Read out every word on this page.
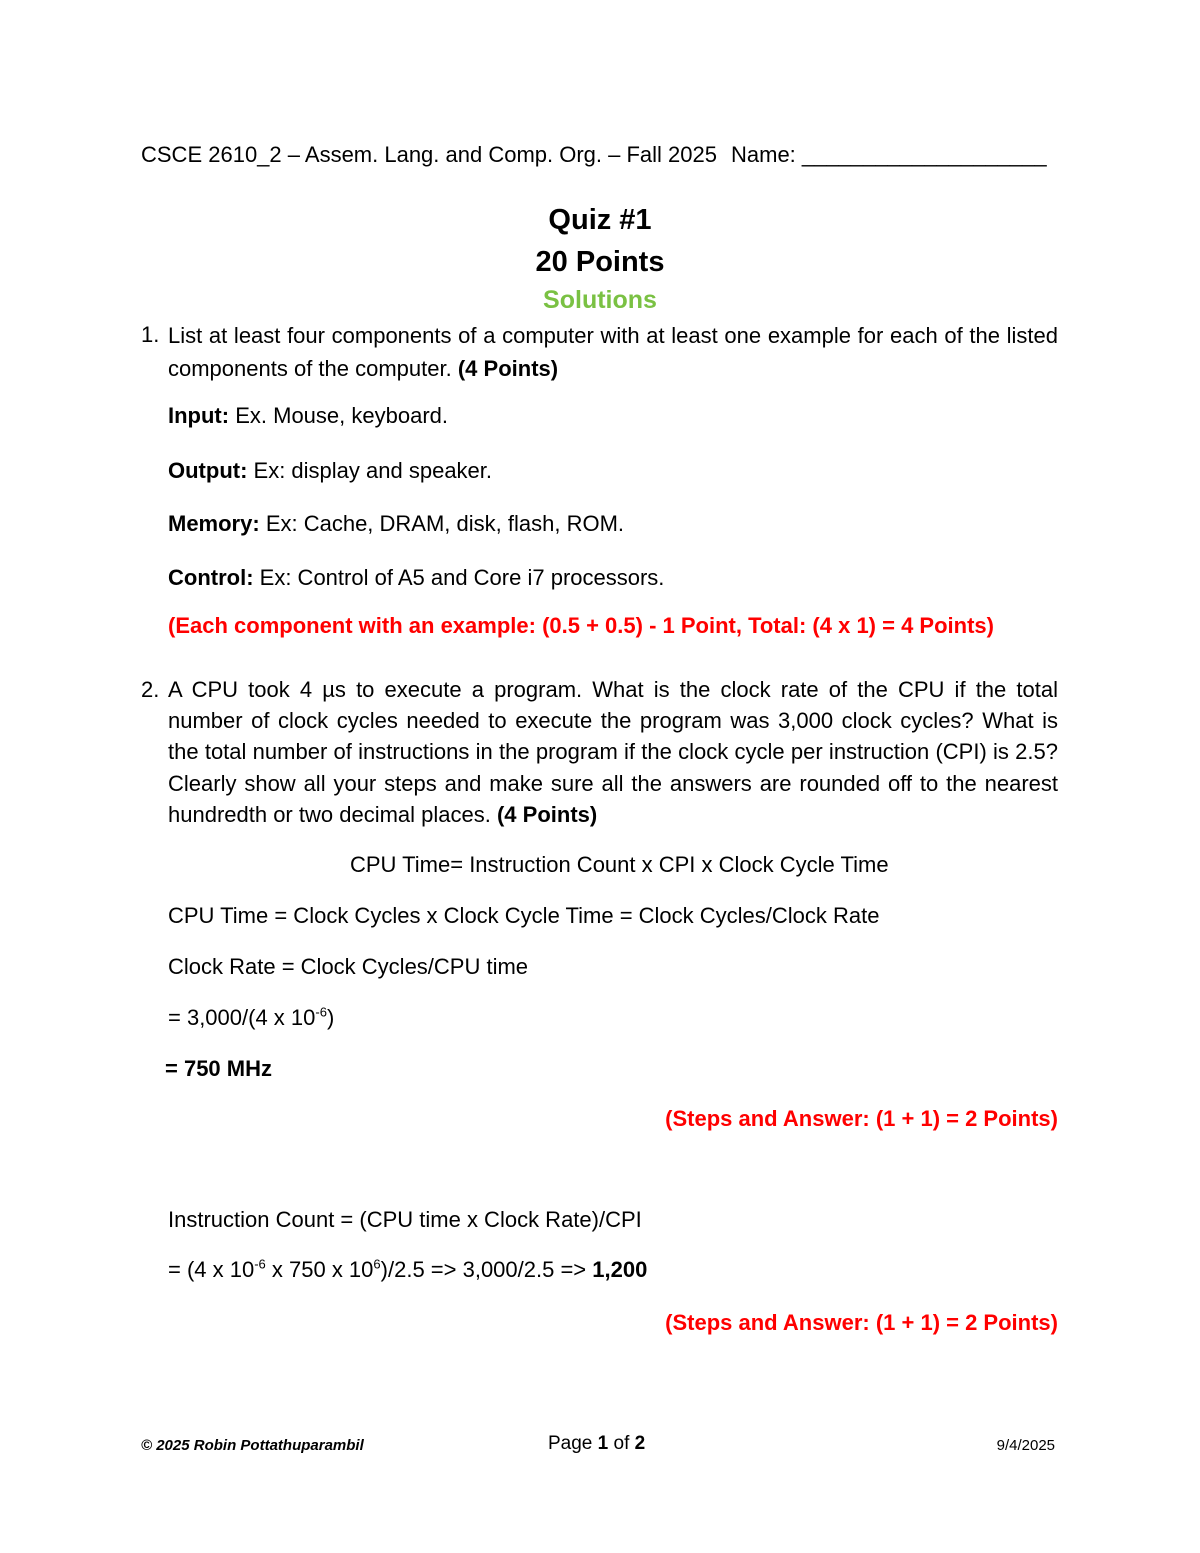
CSCE 2610_2 – Assem. Lang. and Comp. Org. – Fall 2025 Name: ____________________
Quiz #1
20 Points
Solutions
1. List at least four components of a computer with at least one example for each of the listed components of the computer. (4 Points)
Input: Ex. Mouse, keyboard.
Output: Ex: display and speaker.
Memory: Ex: Cache, DRAM, disk, flash, ROM.
Control: Ex: Control of A5 and Core i7 processors.
(Each component with an example: (0.5 + 0.5) - 1 Point, Total: (4 x 1) = 4 Points)
2. A CPU took 4 µs to execute a program. What is the clock rate of the CPU if the total number of clock cycles needed to execute the program was 3,000 clock cycles? What is the total number of instructions in the program if the clock cycle per instruction (CPI) is 2.5? Clearly show all your steps and make sure all the answers are rounded off to the nearest hundredth or two decimal places. (4 Points)
CPU Time= Instruction Count x CPI x Clock Cycle Time
CPU Time = Clock Cycles x Clock Cycle Time = Clock Cycles/Clock Rate
Clock Rate = Clock Cycles/CPU time
= 3,000/(4 x $10^{-6}$)
= 750 MHz
(Steps and Answer: (1 + 1) = 2 Points)
Instruction Count = (CPU time x Clock Rate)/CPI
= (4 x $10^{-6}$ x 750 x $10^6)/2.5 => 3,000/2.5 => 1,200$
(Steps and Answer: (1 + 1) = 2 Points)
© 2025 Robin Pottathuparambil	Page 1 of 2	9/4/2025
